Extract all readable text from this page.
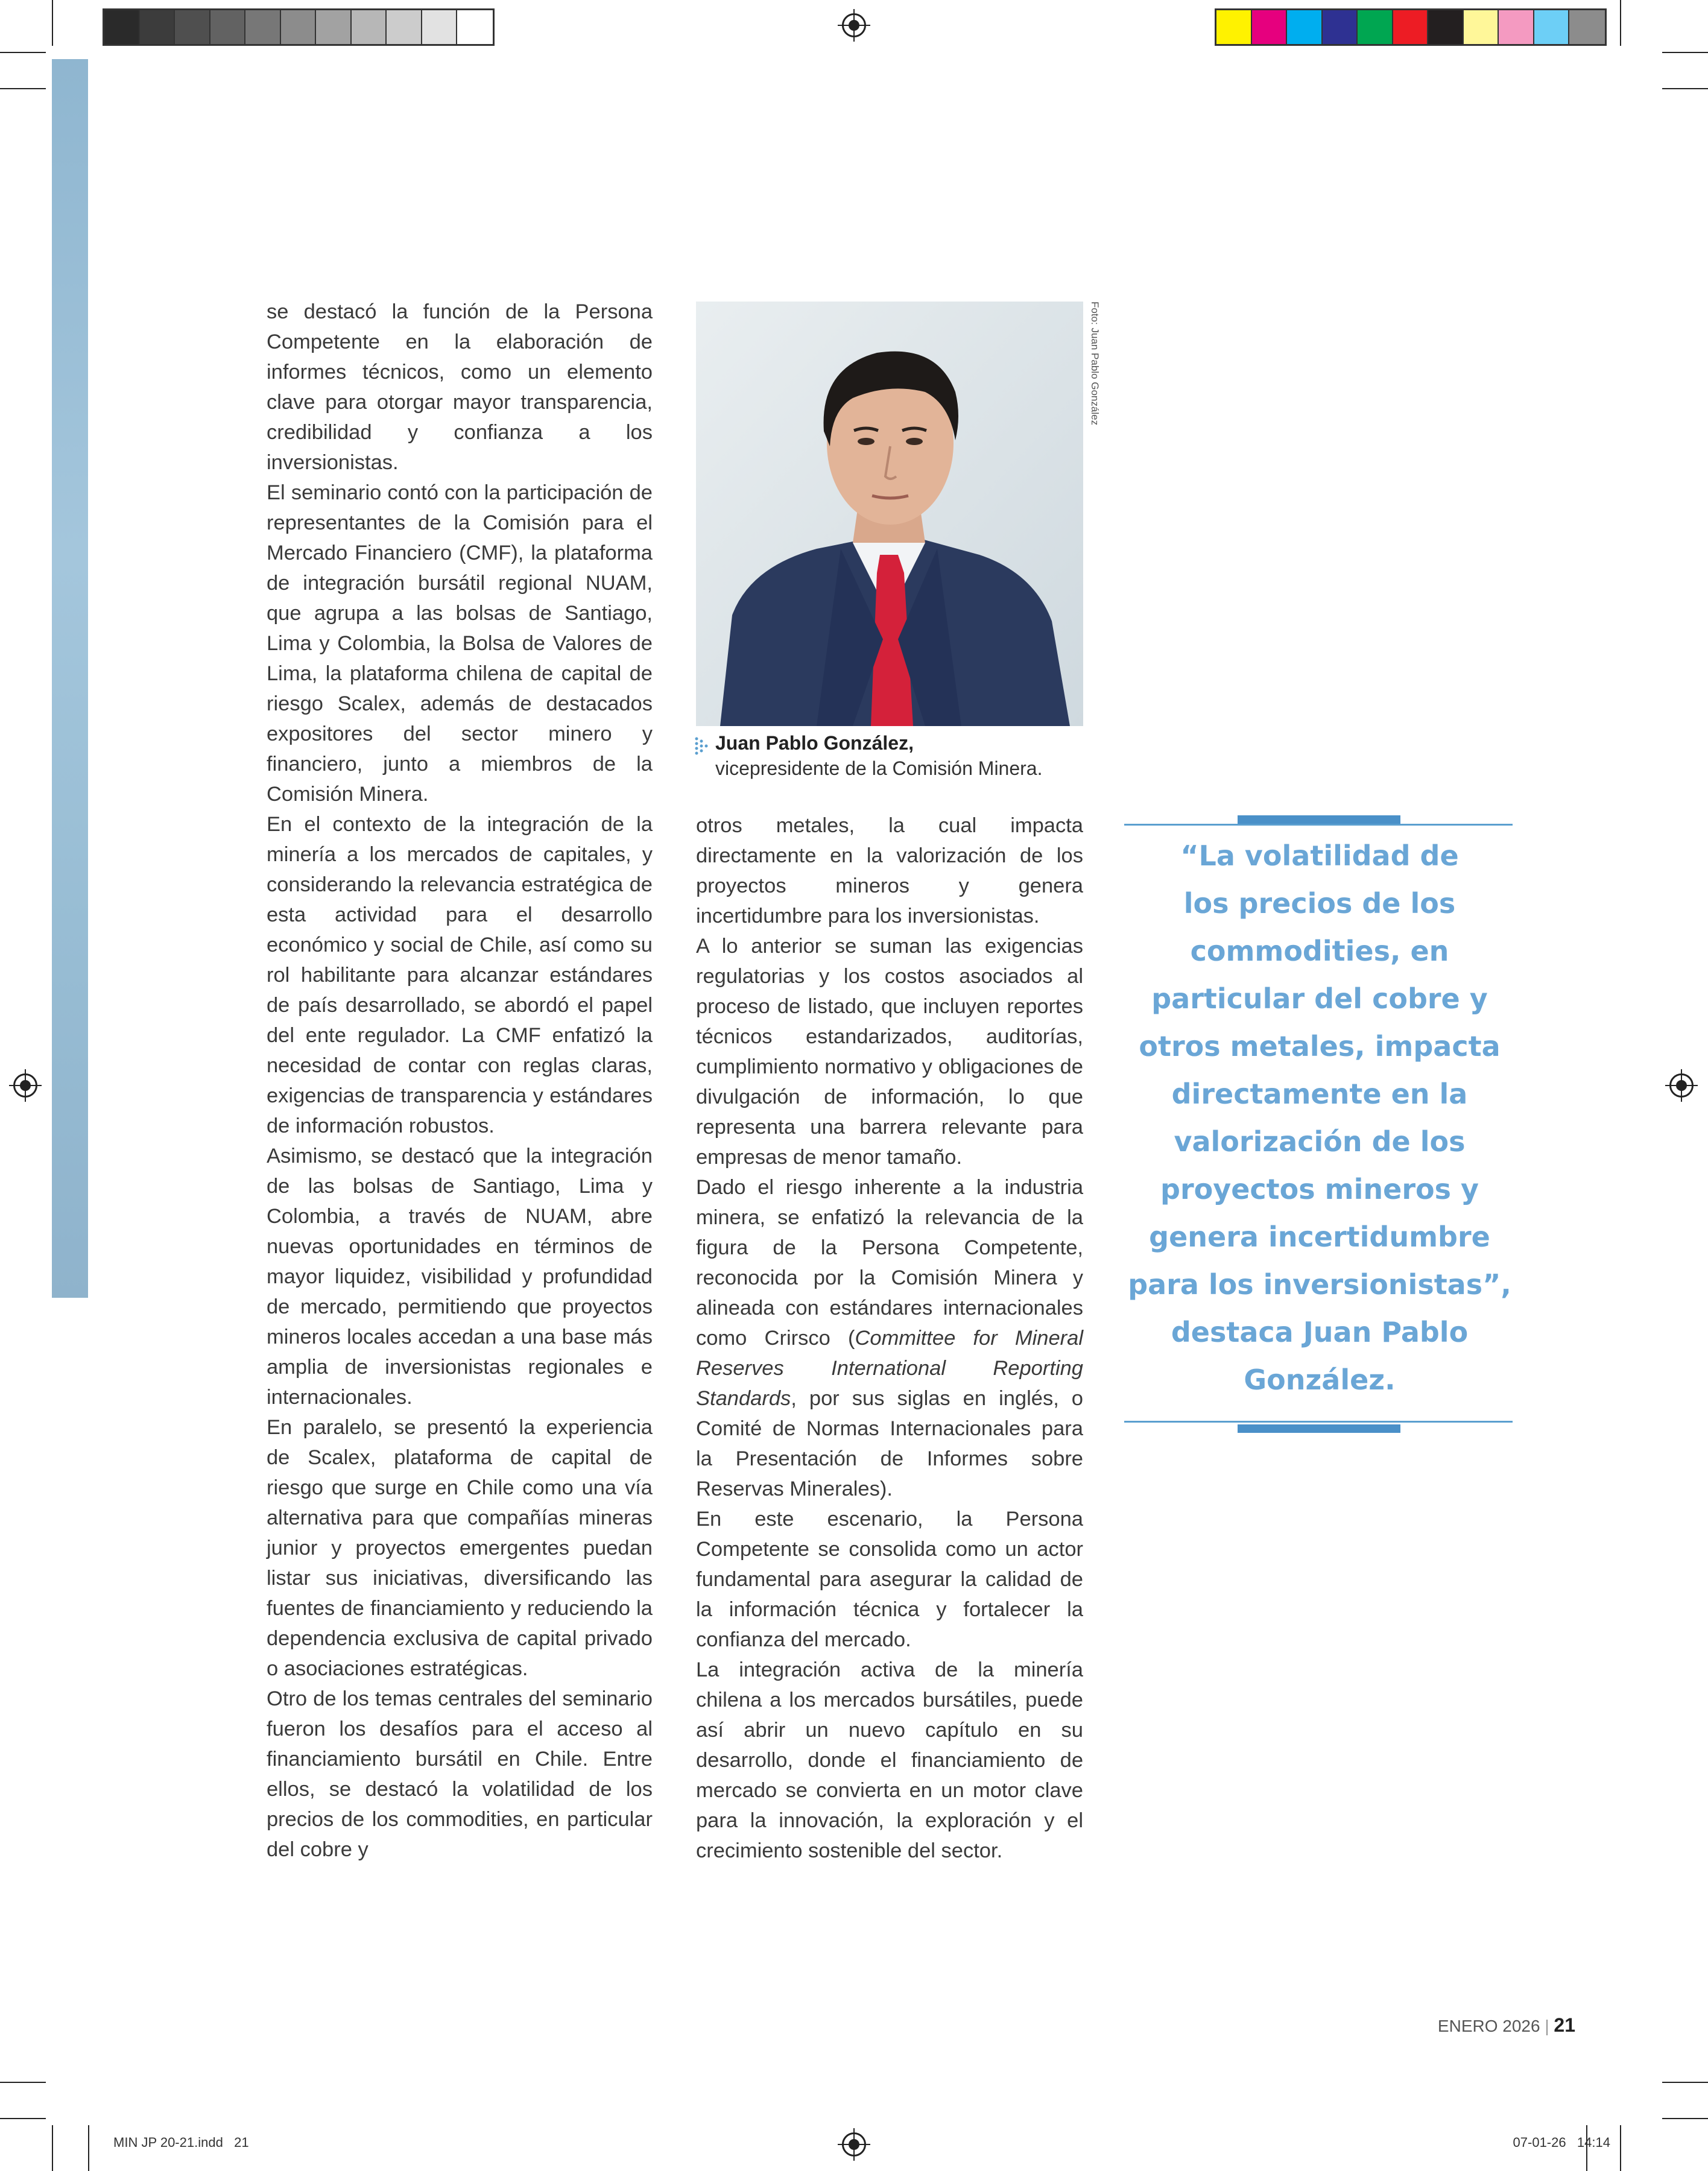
se destacó la función de la Persona Competente en la elaboración de informes técnicos, como un elemento clave para otorgar mayor transparencia, credibilidad y confianza a los inversionistas.

El seminario contó con la participación de representantes de la Comisión para el Mercado Financiero (CMF), la plataforma de integración bursátil regional NUAM, que agrupa a las bolsas de Santiago, Lima y Colombia, la Bolsa de Valores de Lima, la plataforma chilena de capital de riesgo Scalex, además de destacados expositores del sector minero y financiero, junto a miembros de la Comisión Minera.

En el contexto de la integración de la minería a los mercados de capitales, y considerando la relevancia estratégica de esta actividad para el desarrollo económico y social de Chile, así como su rol habilitante para alcanzar estándares de país desarrollado, se abordó el papel del ente regulador. La CMF enfatizó la necesidad de contar con reglas claras, exigencias de transparencia y estándares de información robustos.

Asimismo, se destacó que la integración de las bolsas de Santiago, Lima y Colombia, a través de NUAM, abre nuevas oportunidades en términos de mayor liquidez, visibilidad y profundidad de mercado, permitiendo que proyectos mineros locales accedan a una base más amplia de inversionistas regionales e internacionales.

En paralelo, se presentó la experiencia de Scalex, plataforma de capital de riesgo que surge en Chile como una vía alternativa para que compañías mineras junior y proyectos emergentes puedan listar sus iniciativas, diversificando las fuentes de financiamiento y reduciendo la dependencia exclusiva de capital privado o asociaciones estratégicas.

Otro de los temas centrales del seminario fueron los desafíos para el acceso al financiamiento bursátil en Chile. Entre ellos, se destacó la volatilidad de los precios de los commodities, en particular del cobre y

Foto: Juan Pablo González
Juan Pablo González,
vicepresidente de la Comisión Minera.

otros metales, la cual impacta directamente en la valorización de los proyectos mineros y genera incertidumbre para los inversionistas.

A lo anterior se suman las exigencias regulatorias y los costos asociados al proceso de listado, que incluyen reportes técnicos estandarizados, auditorías, cumplimiento normativo y obligaciones de divulgación de información, lo que representa una barrera relevante para empresas de menor tamaño.

Dado el riesgo inherente a la industria minera, se enfatizó la relevancia de la figura de la Persona Competente, reconocida por la Comisión Minera y alineada con estándares internacionales como Crirsco (Committee for Mineral Reserves International Reporting Standards, por sus siglas en inglés, o Comité de Normas Internacionales para la Presentación de Informes sobre Reservas Minerales).

En este escenario, la Persona Competente se consolida como un actor fundamental para asegurar la calidad de la información técnica y fortalecer la confianza del mercado.

La integración activa de la minería chilena a los mercados bursátiles, puede así abrir un nuevo capítulo en su desarrollo, donde el financiamiento de mercado se convierta en un motor clave para la innovación, la exploración y el crecimiento sostenible del sector.

“La volatilidad de
los precios de los
commodities, en
particular del cobre y
otros metales, impacta
directamente en la
valorización de los
proyectos mineros y
genera incertidumbre
para los inversionistas”,
destaca Juan Pablo
González.
ENERO 2026 | 21
MIN JP 20-21.indd   21	07-01-26   14:14
